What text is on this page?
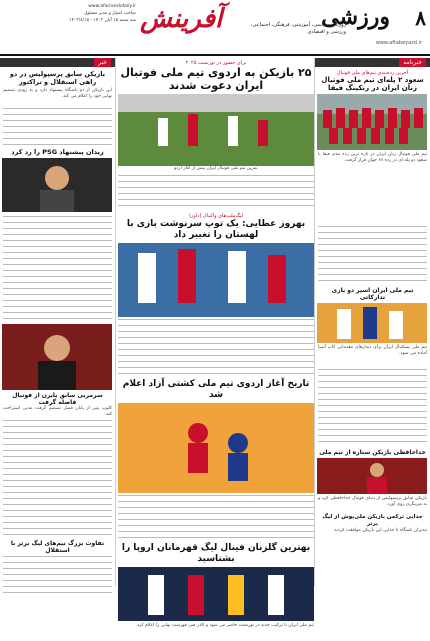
۸
ورزشی
www.aftabeyazd.ir
آفرینش	روزنامه سیاسی، آموزشی، فرهنگی، اجتماعی، ورزشی و اقتصادی
www.afarineshdaily.ir
صاحب امتیاز و مدیر مسئول
سه شنبه ۱۵ آبان ۱۴۰۳ - ۱۴۰۳/۸/۱۵
خبرنامه
آخرین رده‌بندی تیم‌های ملی فوتبال
سعود ۲ پله‌ای تیم ملی فوتبال زنان ایران در رنکینگ فیفا
تیم ملی فوتبال زنان ایران در تازه ترین رده بندی فیفا با صعود دو پله ای در رده ۶۸ جهان قرار گرفت.
تیم ملی ایران اسیر دو بازی تدارکاتی
تیم ملی بسکتبال ایران برای دیدارهای مقدماتی کاپ آسیا آماده می شود.
خداحافظی بازیکن ستاره از تیم ملی
بازیکن سابق پرسپولیس از دنیای فوتبال خداحافظی کرد و به مربیگری روی آورد.
جدایی ترکمن بازیکن ملی‌پوش از لیگ برتر
مدیران باشگاه با جدایی این بازیکن موافقت کردند.
برای حضور در تورنمنت ۲۰۲۵
۲۵ بازیکن به اردوی تیم ملی فوتبال ایران دعوت شدند
تمرین تیم ملی فوتبال ایران پیش از آغاز اردو
لیگ‌ملت‌های والیبال (داور)
بهروز عطایی: یک توپ سرنوشت بازی با لهستان را تغییر داد
تاریخ آغاز اردوی تیم ملی کشتی آزاد اعلام شد
بهترین گلزنان فینال لیگ قهرمانان اروپا را بشناسید
تیم ملی ایران با ترکیب جدید در تورنمنت حاضر می شود و کادر فنی فهرست نهایی را اعلام کرد.
خبر
بازیکن سابق پرسپولیس در دو راهی استقلال و تراکتور
این بازیکن از دو باشگاه پیشنهاد دارد و به زودی تصمیم نهایی خود را اعلام می کند.
زیدان پیشنهاد PSG را رد کرد
سرمربی سابق بایرن از فوتبال فاصله گرفت
کلوپ پس از پایان فصل تصمیم گرفت مدتی استراحت کند.
تفاوت بزرگ تیم‌های لیگ برتر با استقلال
